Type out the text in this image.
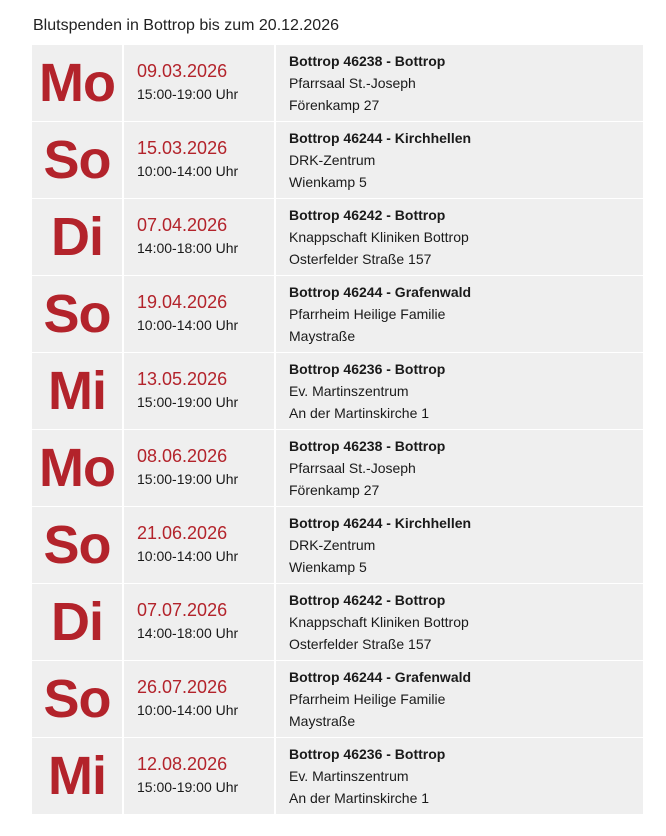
Blutspenden in Bottrop bis zum 20.12.2026
Mo 09.03.2026
15:00-19:00 Uhr
Bottrop 46238 - Bottrop
Pfarrsaal St.-Joseph
Förenkamp 27
So 15.03.2026
10:00-14:00 Uhr
Bottrop 46244 - Kirchhellen
DRK-Zentrum
Wienkamp 5
Di 07.04.2026
14:00-18:00 Uhr
Bottrop 46242 - Bottrop
Knappschaft Kliniken Bottrop
Osterfelder Straße 157
So 19.04.2026
10:00-14:00 Uhr
Bottrop 46244 - Grafenwald
Pfarrheim Heilige Familie
Maystraße
Mi 13.05.2026
15:00-19:00 Uhr
Bottrop 46236 - Bottrop
Ev. Martinszentrum
An der Martinskirche 1
Mo 08.06.2026
15:00-19:00 Uhr
Bottrop 46238 - Bottrop
Pfarrsaal St.-Joseph
Förenkamp 27
So 21.06.2026
10:00-14:00 Uhr
Bottrop 46244 - Kirchhellen
DRK-Zentrum
Wienkamp 5
Di 07.07.2026
14:00-18:00 Uhr
Bottrop 46242 - Bottrop
Knappschaft Kliniken Bottrop
Osterfelder Straße 157
So 26.07.2026
10:00-14:00 Uhr
Bottrop 46244 - Grafenwald
Pfarrheim Heilige Familie
Maystraße
Mi 12.08.2026
15:00-19:00 Uhr
Bottrop 46236 - Bottrop
Ev. Martinszentrum
An der Martinskirche 1
